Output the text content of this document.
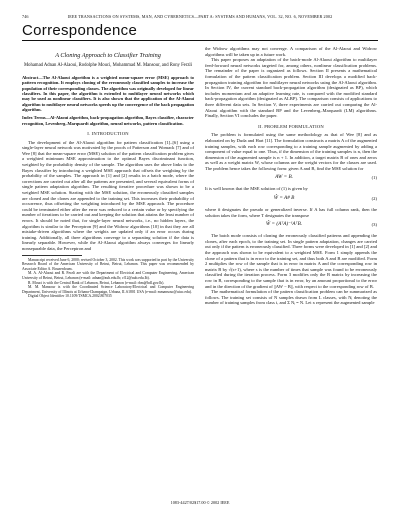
746	IEEE TRANSACTIONS ON SYSTEMS, MAN, AND CYBERNETICS—PART A: SYSTEMS AND HUMANS, VOL. 32, NO. 6, NOVEMBER 2002
Correspondence
A Cloning Approach to Classifier Training
Mohamad Adnan Al-Alaoui, Rodolphe Mouci, Mohammad M. Mansour, and Rony Ferzli
Abstract—The Al-Alaoui algorithm is a weighted mean-square error (MSE) approach to pattern recognition. It employs cloning of the erroneously classified samples to increase the population of their corresponding classes. The algorithm was originally developed for linear classifiers. In this paper, the algorithm is extended to multilayer neural networks which may be used as nonlinear classifiers. It is also shown that the application of the Al-Alaoui algorithm to multilayer neural networks speeds up the convergence of the back propagation algorithm.
Index Terms—Al-Alaoui algorithm, back-propagation algorithm, Bayes classifier, character recognition, Levenberg–Marquardt algorithm, neural networks, pattern classification.
I. INTRODUCTION

The development of the Al-Alaoui algorithm for pattern classification [1]–[6] using a single-layer neural network was motivated by the proofs of Patterson and Womack [7] and of Wee [8] that the mean-square error (MSE) solution of the pattern classification problem gives a weighted minimum MSE approximation to the optimal Bayes discriminant function, weighted by the probability density of the sample. The algorithm uses the above links to the Bayes classifier by introducing a weighted MSE approach that offsets the weighting by the probability of the samples. The approach in [1] and [2] results in a batch mode, where the corrections are carried out after all the patterns are presented, and several equivalent forms of single pattern adaptation algorithm. The resulting iterative procedure was shown to be a weighted MSE solution. Starting with the MSE solution, the erroneously classified samples are cloned and the clones are appended to the training set. This increases their probability of occurrence, thus offsetting the weighting introduced by the MSE approach. The procedure could be terminated either after the error was reduced to a certain value or by specifying the number of iterations to be carried out and keeping the solution that attains the least number of errors. It should be noted that, for single-layer neural networks, i.e., no hidden layers, the algorithm is similar to the Perceptron [9] and the Widrow algorithms [10] in that they are all mistake-driven algorithms where the weights are updated only if an error occurs during training. Additionally, all three algorithms converge to a separating solution if the data is linearly separable. However, while the Al-Alaoui algorithm always converges for linearly nonseparable data, the Perceptron and

Manuscript received June 6, 2000; revised October 3, 2002. This work was supported in part by the University Research Board of the American University of Beirut, Beirut, Lebanon. This paper was recommended by Associate Editor A. Bouzerdoum.

M. A. Al-Alaoui and R. Ferzli are with the Department of Electrical and Computer Engineering, American University of Beirut, Beirut, Lebanon (e-mail: adnan@aub.edu.lb; rf12@aub.edu.lb).

R. Mouci is with the Central Bank of Lebanon, Beirut, Lebanon (e-mail: rbm@bdl.gov.lb).

M. M. Mansour is with the Coordinated Science Laboratory/Electrical and Computer Engineering Department, University of Illinois at Urbana-Champaign, Urbana, IL 61801 USA (e-mail: mmansour@uiuc.edu).

Digital Object Identifier 10.1109/TSMCA.2002.807035

the Widrow algorithms may not converge. A comparison of the Al-Alaoui and Widrow algorithms will be taken up in a future work.

This paper proposes an adaptation of the batch-mode Al-Alaoui algorithm to multilayer feed-forward neural networks targeted for, among others, nonlinear classification problems. The remainder of the paper is organized as follows. Section II presents a mathematical formulation of the pattern classification problem. Section III develops a modified back-propagation training algorithm for multilayer neural networks using the Al-Alaoui algorithm. In Section IV, the current standard back-propagation algorithm (designated as BP), which includes momentum and an adaptive learning rate, is compared with the modified standard back-propagation algorithm (designated as ALBP). The comparison consists of applications to three different data sets. In Section V, three experiments are carried out comparing the Al-Alaoui algorithm with the standard BP and the Levenberg–Marquardt (LM) algorithms. Finally, Section VI concludes the paper.

II. PROBLEM FORMULATION

The problem is formulated using the same methodology as that of Wee [8] and as elaborated on by Duda and Hart [11]. The formulation constructs a matrix A of the augmented training samples, with each row corresponding to a training sample augmented by adding a component of value equal to one. Thus, if the dimension of the training samples is n, then the dimension of the augmented sample is n + 1. In addition, a target matrix B of ones and zeros as well as a weight matrix W, whose columns are the weight vectors for the classes are used. The problem hence takes the following form: given A and B, find the MSE solution for

AW = B.	(1)

It is well known that the MSE solution of (1) is given by

Ŵ = A# B	(2)

where # designates the pseudo or generalized inverse. If A has full column rank, then the solution takes the form, where T designates the transpose

Ŵ = (AᵀA)⁻¹AᵀB.	(3)

The batch mode consists of cloning the erroneously classified patterns and appending the clones, after each epoch, to the training set. In single pattern adaptation, changes are carried out only if the pattern is erroneously classified. Three forms were developed in [1] and [2] and the approach was shown to be equivalent to a weighted MSE. Form 1 simply appends the clone of a pattern that is in error to the training set, and thus both A and B are modified. Form 2 multiplies the row of the sample that is in error in matrix A and the corresponding row in matrix B by √(s+1), where s is the number of times that sample was found to be erroneously classified during the iteration process. Form 3 modifies only the B matrix by increasing the row in B, corresponding to the sample that is in error, by an amount proportional to the error and in the direction of the gradient of ||AW − B||, with respect to the corresponding row of B.

The mathematical formulation of the pattern classification problem can be summarized as follows. The training set consists of N samples drawn from L classes, with Nᵢ denoting the number of training samples from class i, and Σ Nᵢ = N. Let x represent the augmented sample

1083-4427/02$17.00 © 2002 IEEE
